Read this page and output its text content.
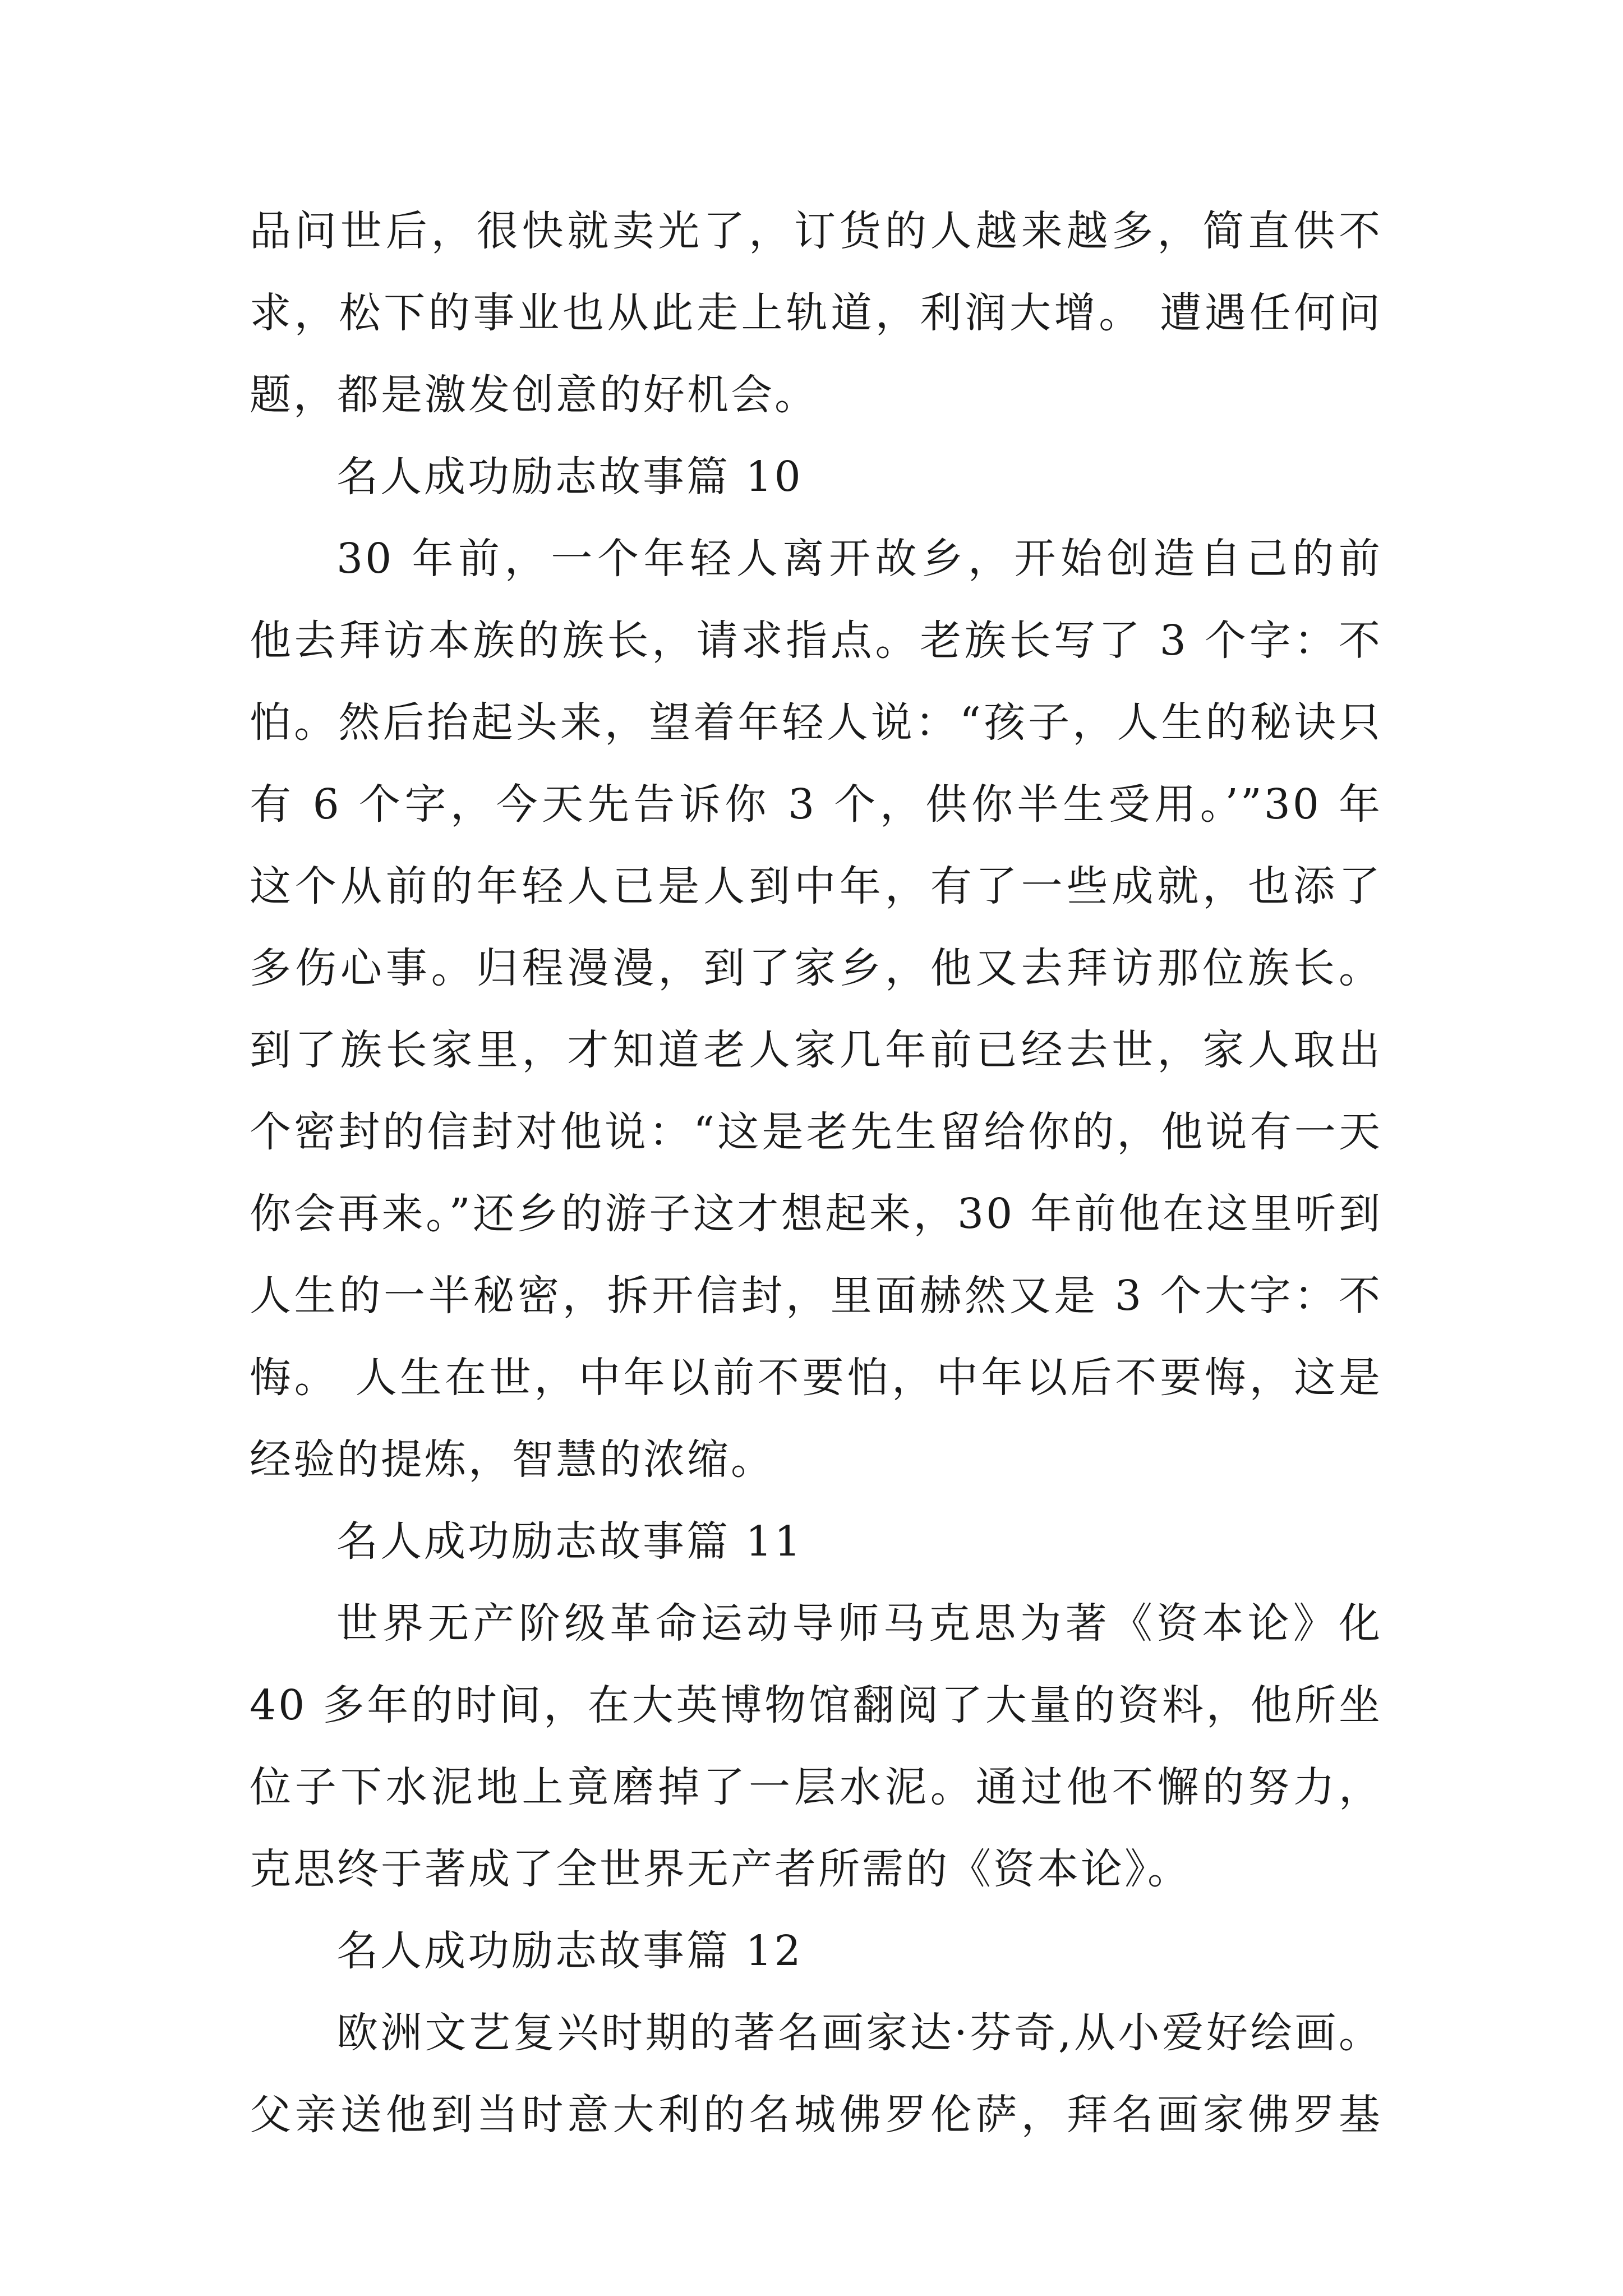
品问世后，很快就卖光了，订货的人越来越多，简直供不
求，松下的事业也从此走上轨道，利润大增。 遭遇任何问
题，都是激发创意的好机会。
名人成功励志故事篇 10
30 年前，一个年轻人离开故乡，开始创造自己的前
他去拜访本族的族长，请求指点。老族长写了 3 个字：不
怕。然后抬起头来，望着年轻人说：“孩子，人生的秘诀只
有 6 个字，今天先告诉你 3 个，供你半生受用。’”30 年
这个从前的年轻人已是人到中年，有了一些成就，也添了
多伤心事。归程漫漫，到了家乡，他又去拜访那位族长。
到了族长家里，才知道老人家几年前已经去世，家人取出
个密封的信封对他说：“这是老先生留给你的，他说有一天
你会再来。”还乡的游子这才想起来，30 年前他在这里听到
人生的一半秘密，拆开信封，里面赫然又是 3 个大字：不
悔。 人生在世，中年以前不要怕，中年以后不要悔，这是
经验的提炼，智慧的浓缩。
名人成功励志故事篇 11
世界无产阶级革命运动导师马克思为著《资本论》化
40 多年的时间，在大英博物馆翻阅了大量的资料，他所坐
位子下水泥地上竟磨掉了一层水泥。通过他不懈的努力，
克思终于著成了全世界无产者所需的《资本论》。
名人成功励志故事篇 12
欧洲文艺复兴时期的著名画家达·芬奇,从小爱好绘画。
父亲送他到当时意大利的名城佛罗伦萨，拜名画家佛罗基
